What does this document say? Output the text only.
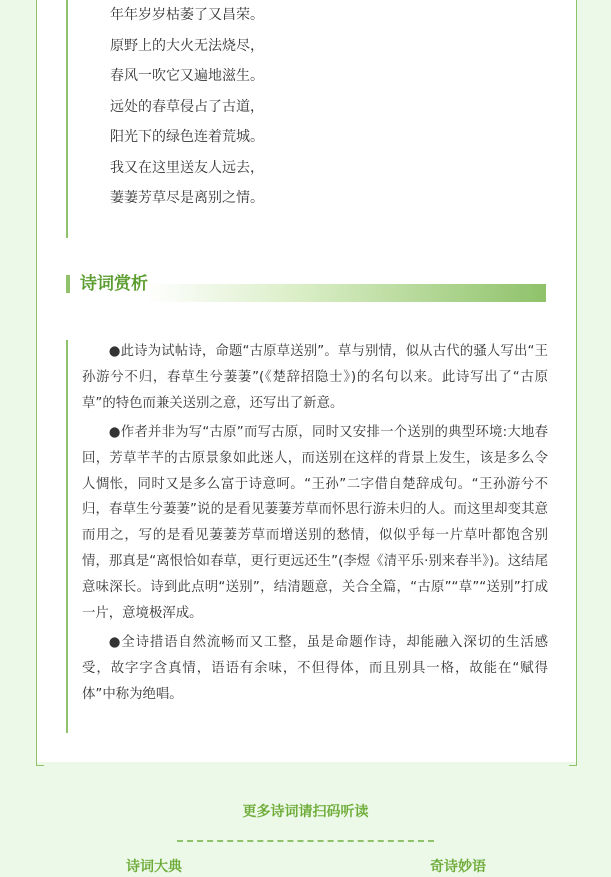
年年岁岁枯萎了又昌荣。
原野上的大火无法烧尽，
春风一吹它又遍地滋生。
远处的春草侵占了古道，
阳光下的绿色连着荒城。
我又在这里送友人远去，
萋萋芳草尽是离别之情。
诗词赏析

●此诗为试帖诗，命题“古原草送别”。草与别情，似从古代的骚人写出“王孙游兮不归，春草生兮萋萋”(《楚辞招隐士》)的名句以来。此诗写出了“古原草”的特色而兼关送别之意，还写出了新意。

●作者并非为写“古原”而写古原，同时又安排一个送别的典型环境:大地春回，芳草芊芊的古原景象如此迷人，而送别在这样的背景上发生，该是多么令人惆怅，同时又是多么富于诗意呵。“王孙”二字借自楚辞成句。“王孙游兮不归，春草生兮萋萋”说的是看见萋萋芳草而怀思行游未归的人。而这里却变其意而用之，写的是看见萋萋芳草而增送别的愁情，似似乎每一片草叶都饱含别情，那真是“离恨恰如春草，更行更远还生”(李煜《清平乐·别来春半》)。这结尾意味深长。诗到此点明“送别”，结清题意，关合全篇，“古原”“草”“送别”打成一片，意境极浑成。

●全诗措语自然流畅而又工整，虽是命题作诗，却能融入深切的生活感受，故字字含真情，语语有余味，不但得体，而且别具一格，故能在“赋得体”中称为绝唱。

更多诗词请扫码听读
诗词大典	奇诗妙语
